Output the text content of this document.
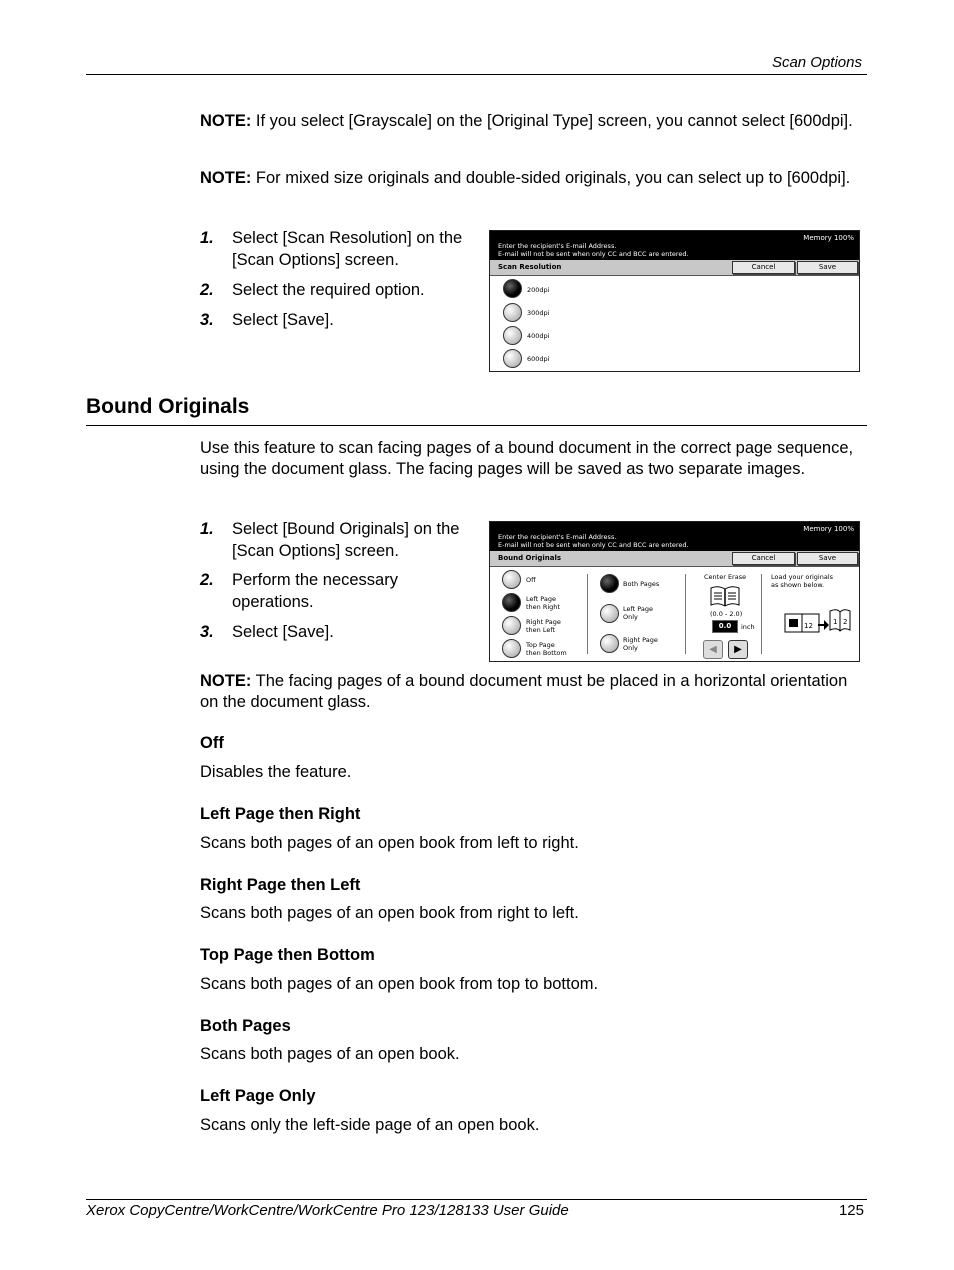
Scan Options
NOTE: If you select [Grayscale] on the [Original Type] screen, you cannot select [600dpi].
NOTE: For mixed size originals and double-sided originals, you can select up to [600dpi].
1. Select [Scan Resolution] on the [Scan Options] screen.
2. Select the required option.
3. Select [Save].
Enter the recipient's E-mail Address.
E-mail will not be sent when only CC and BCC are entered.
Memory 100%
Scan Resolution	Cancel	Save
200dpi
300dpi
400dpi
600dpi
Bound Originals
Use this feature to scan facing pages of a bound document in the correct page sequence, using the document glass. The facing pages will be saved as two separate images.
1. Select [Bound Originals] on the [Scan Options] screen.
2. Perform the necessary operations.
3. Select [Save].
Enter the recipient's E-mail Address.
E-mail will not be sent when only CC and BCC are entered.
Memory 100%
Bound Originals	Cancel	Save
Off
Left Page
then Right
Right Page
then Left
Top Page
then Bottom
Both Pages
Left Page
Only
Right Page
Only
Center Erase
(0.0 - 2.0)
0.0	inch
◀	▶
Load your originals
as shown below.
12	1 2
NOTE: The facing pages of a bound document must be placed in a horizontal orientation on the document glass.
Off
Disables the feature.
Left Page then Right
Scans both pages of an open book from left to right.
Right Page then Left
Scans both pages of an open book from right to left.
Top Page then Bottom
Scans both pages of an open book from top to bottom.
Both Pages
Scans both pages of an open book.
Left Page Only
Scans only the left-side page of an open book.
Xerox CopyCentre/WorkCentre/WorkCentre Pro 123/128133 User Guide	125
